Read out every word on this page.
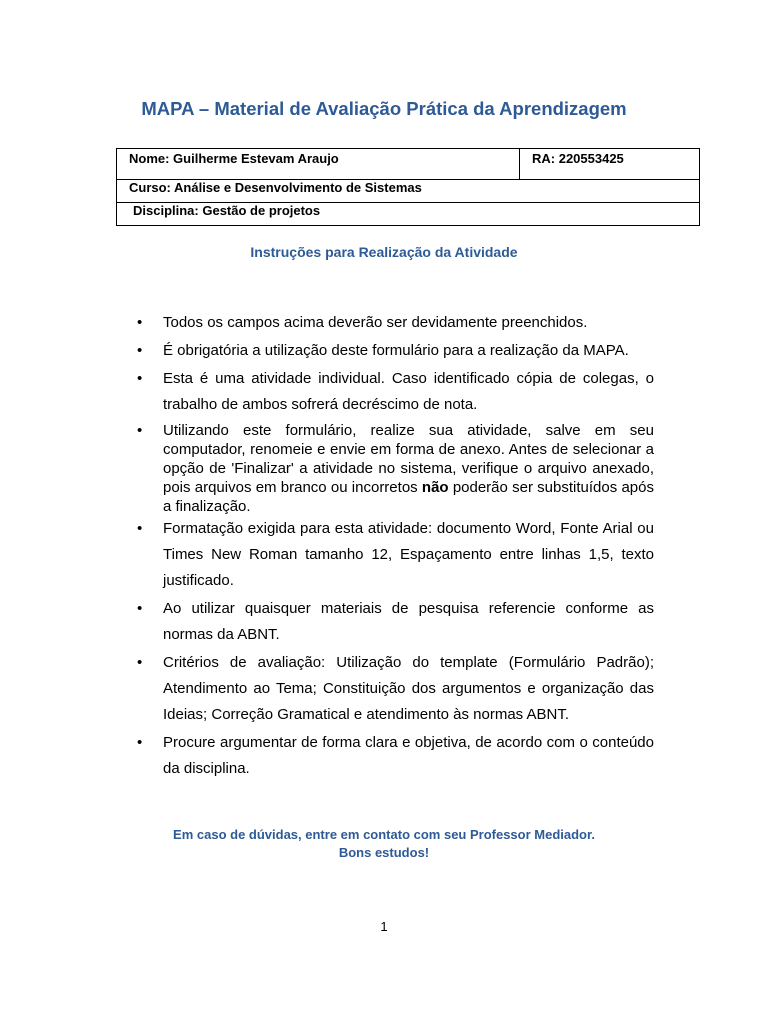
MAPA – Material de Avaliação Prática da Aprendizagem
Nome: Guilherme Estevam Araujo	RA: 220553425
Curso: Análise e Desenvolvimento de Sistemas
Disciplina: Gestão de projetos
Instruções para Realização da Atividade
• Todos os campos acima deverão ser devidamente preenchidos.
• É obrigatória a utilização deste formulário para a realização da MAPA.
• Esta é uma atividade individual. Caso identificado cópia de colegas, o trabalho de ambos sofrerá decréscimo de nota.
• Utilizando este formulário, realize sua atividade, salve em seu computador, renomeie e envie em forma de anexo. Antes de selecionar a opção de 'Finalizar' a atividade no sistema, verifique o arquivo anexado, pois arquivos em branco ou incorretos não poderão ser substituídos após a finalização.
• Formatação exigida para esta atividade: documento Word, Fonte Arial ou Times New Roman tamanho 12, Espaçamento entre linhas 1,5, texto justificado.
• Ao utilizar quaisquer materiais de pesquisa referencie conforme as normas da ABNT.
• Critérios de avaliação: Utilização do template (Formulário Padrão); Atendimento ao Tema; Constituição dos argumentos e organização das Ideias; Correção Gramatical e atendimento às normas ABNT.
• Procure argumentar de forma clara e objetiva, de acordo com o conteúdo da disciplina.
Em caso de dúvidas, entre em contato com seu Professor Mediador.
Bons estudos!
1
